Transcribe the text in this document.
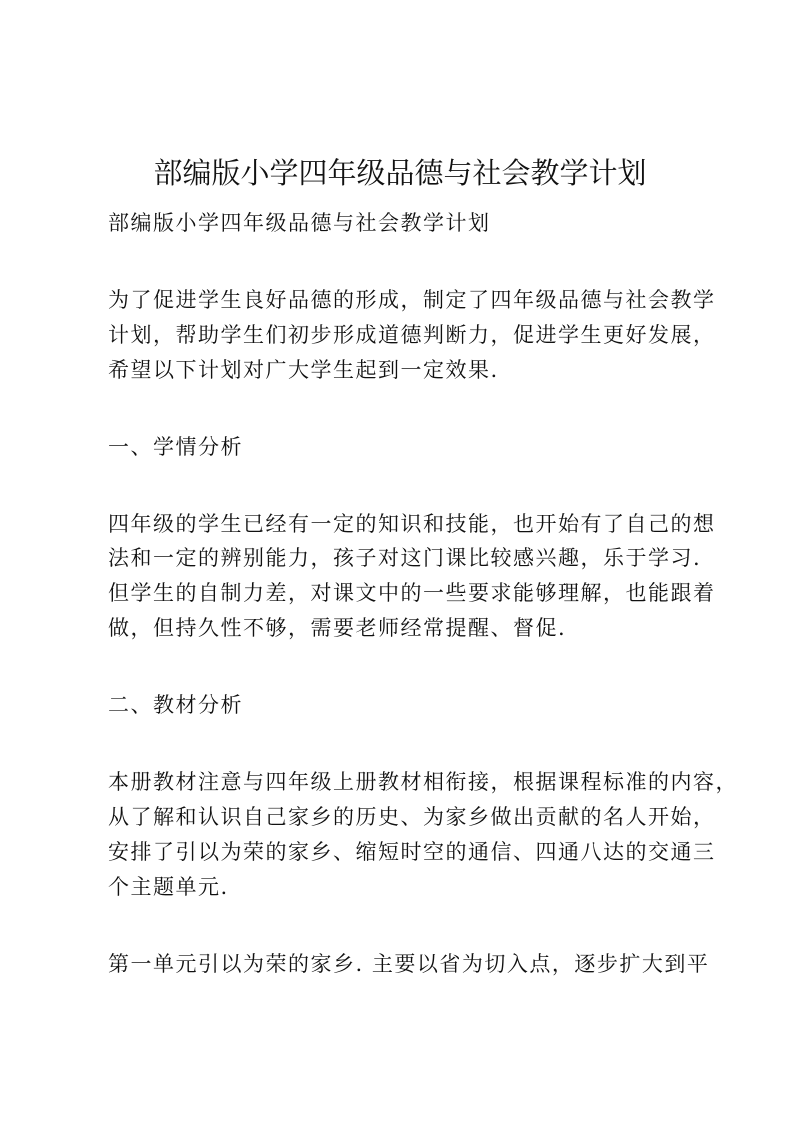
部编版小学四年级品德与社会教学计划

部编版小学四年级品德与社会教学计划

为了促进学生良好品德的形成，制定了四年级品德与社会教学

计划，帮助学生们初步形成道德判断力，促进学生更好发展，

希望以下计划对广大学生起到一定效果.

一、学情分析

四年级的学生已经有一定的知识和技能，也开始有了自己的想

法和一定的辨别能力，孩子对这门课比较感兴趣，乐于学习.

但学生的自制力差，对课文中的一些要求能够理解，也能跟着

做，但持久性不够，需要老师经常提醒、督促.

二、教材分析

本册教材注意与四年级上册教材相衔接，根据课程标准的内容，

从了解和认识自己家乡的历史、为家乡做出贡献的名人开始，

安排了引以为荣的家乡、缩短时空的通信、四通八达的交通三

个主题单元.

第一单元引以为荣的家乡. 主要以省为切入点，逐步扩大到平
